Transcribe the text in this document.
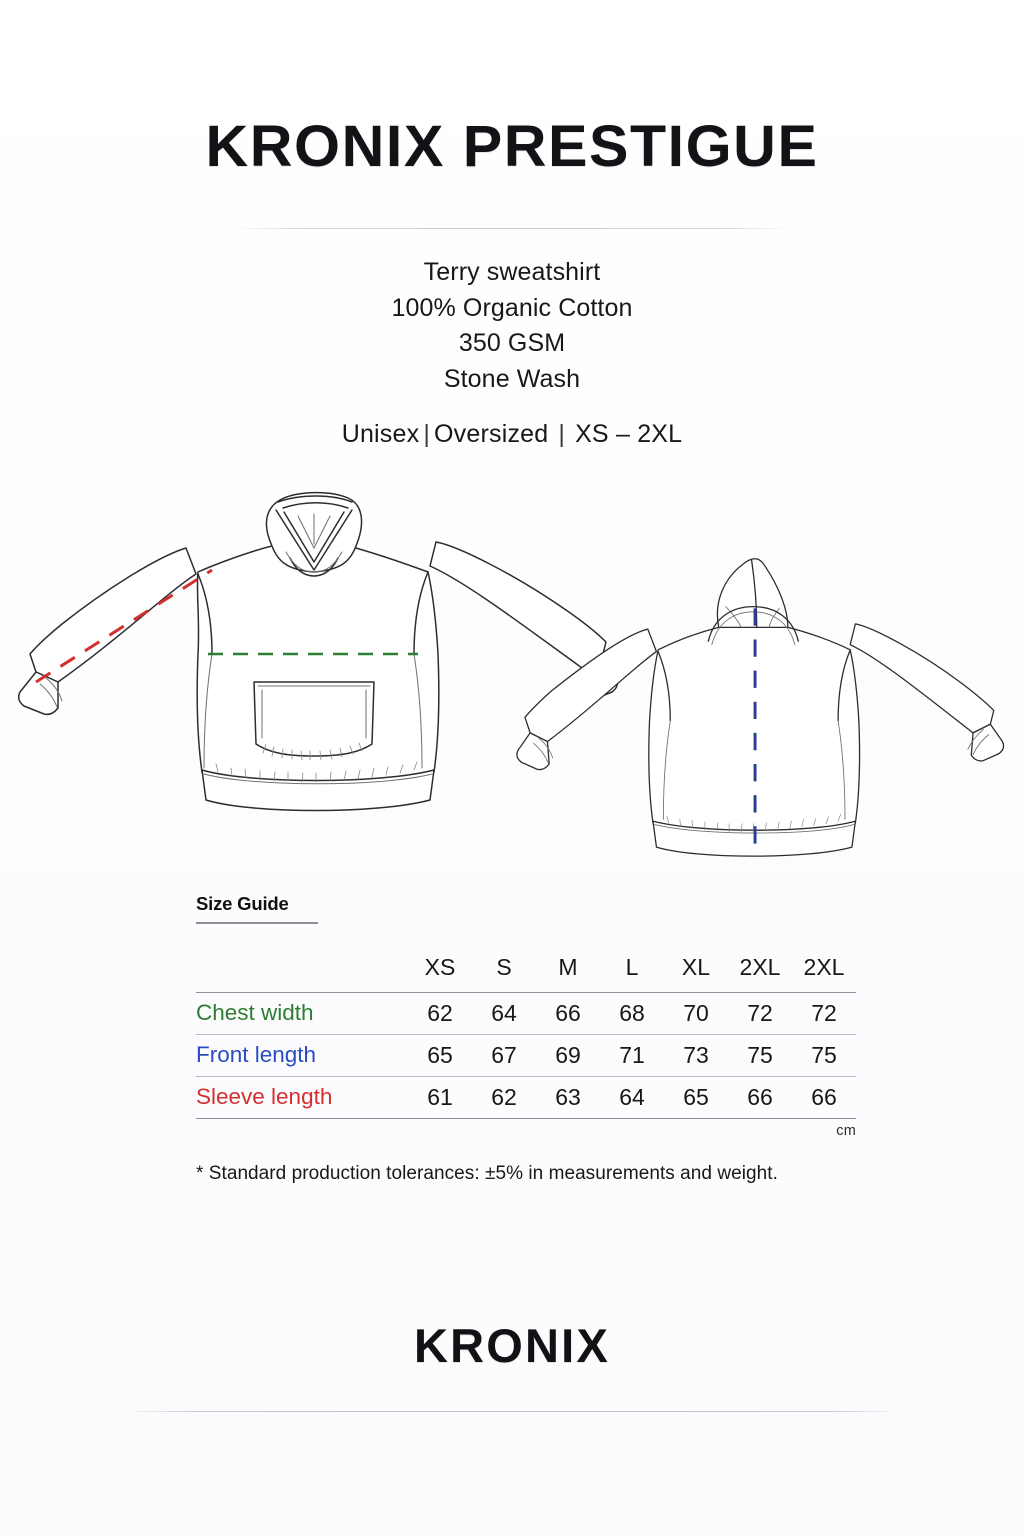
KRONIX PRESTIGUE
Terry sweatshirt
100% Organic Cotton
350 GSM
Stone Wash
Unisex | Oversized | XS – 2XL
Size Guide
	XS	S	M	L	XL	2XL	2XL
Chest width	62	64	66	68	70	72	72
Front length	65	67	69	71	73	75	75
Sleeve length	61	62	63	64	65	66	66
cm
* Standard production tolerances: ±5% in measurements and weight.
KRONIX
